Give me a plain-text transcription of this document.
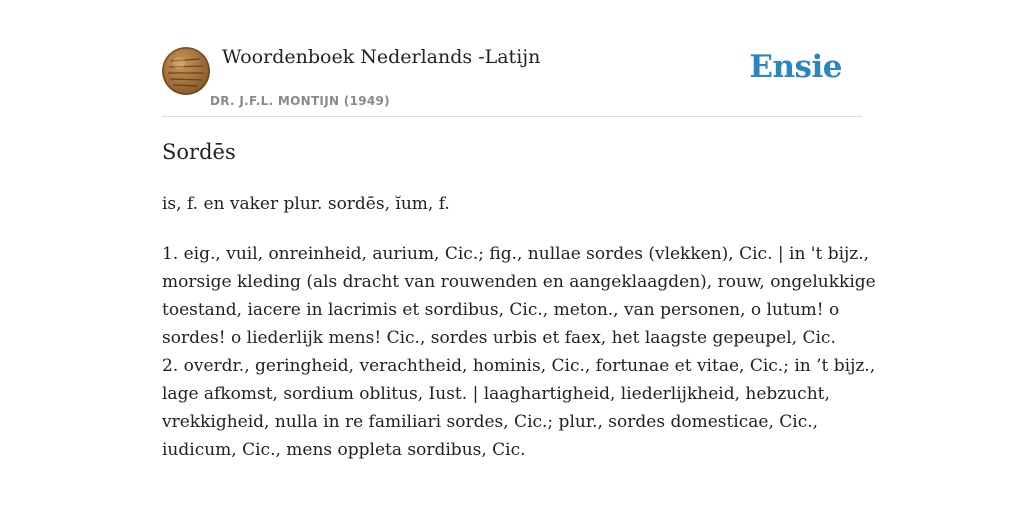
Woordenboek Nederlands -Latijn
DR. J.F.L. MONTIJN (1949)
Ensie
Sordēs
is, f. en vaker plur. sordēs, ĭum, f.

1. eig., vuil, onreinheid, aurium, Cic.; fig., nullae sordes (vlekken), Cic. | in 't bijz.,

morsige kleding (als dracht van rouwenden en aangeklaagden), rouw, ongelukkige

toestand, iacere in lacrimis et sordibus, Cic., meton., van personen, o lutum! o

sordes! o liederlijk mens! Cic., sordes urbis et faex, het laagste gepeupel, Cic.

2. overdr., geringheid, verachtheid, hominis, Cic., fortunae et vitae, Cic.; in ’t bijz.,

lage afkomst, sordium oblitus, Iust. | laaghartigheid, liederlijkheid, hebzucht,

vrekkigheid, nulla in re familiari sordes, Cic.; plur., sordes domesticae, Cic.,

iudicum, Cic., mens oppleta sordibus, Cic.
